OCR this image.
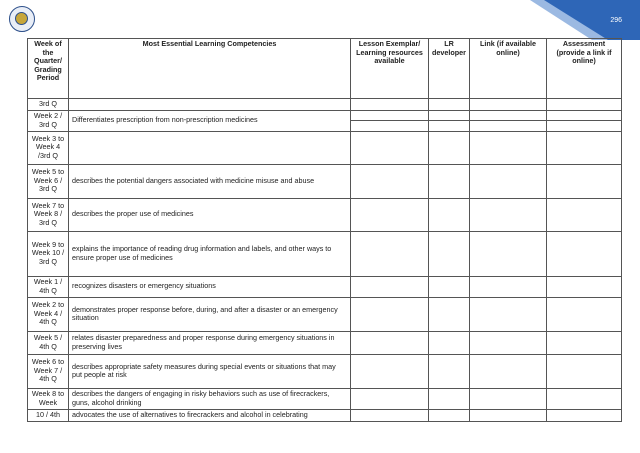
296
Week of the Quarter/ Grading Period	Most Essential Learning Competencies	Lesson Exemplar/ Learning resources available	LR developer	Link (if available online)	Assessment (provide a link if online)
3rd Q					
Week 2 / 3rd Q	Differentiates prescription from non-prescription medicines	

Week 3 to Week 4 /3rd Q					
Week 5 to Week 6 / 3rd Q	describes the potential dangers associated with medicine misuse and abuse				
Week 7 to Week 8 / 3rd Q	describes the proper use of medicines				
Week 9 to Week 10 / 3rd Q	explains the importance of reading drug information and labels, and other ways to ensure proper use of medicines				
Week 1 / 4th Q	recognizes disasters or emergency situations				
Week 2 to Week 4 / 4th Q	demonstrates proper response before, during, and after a disaster or an emergency situation				
Week 5 / 4th Q	relates disaster preparedness and proper response during emergency situations in preserving lives				
Week 6 to Week 7 / 4th Q	describes appropriate safety measures during special events or situations that may put people at risk				
Week 8 to Week	describes the dangers of engaging in risky behaviors such as use of firecrackers, guns, alcohol drinking				
10 / 4th	advocates the use of alternatives to firecrackers and alcohol in celebrating				
